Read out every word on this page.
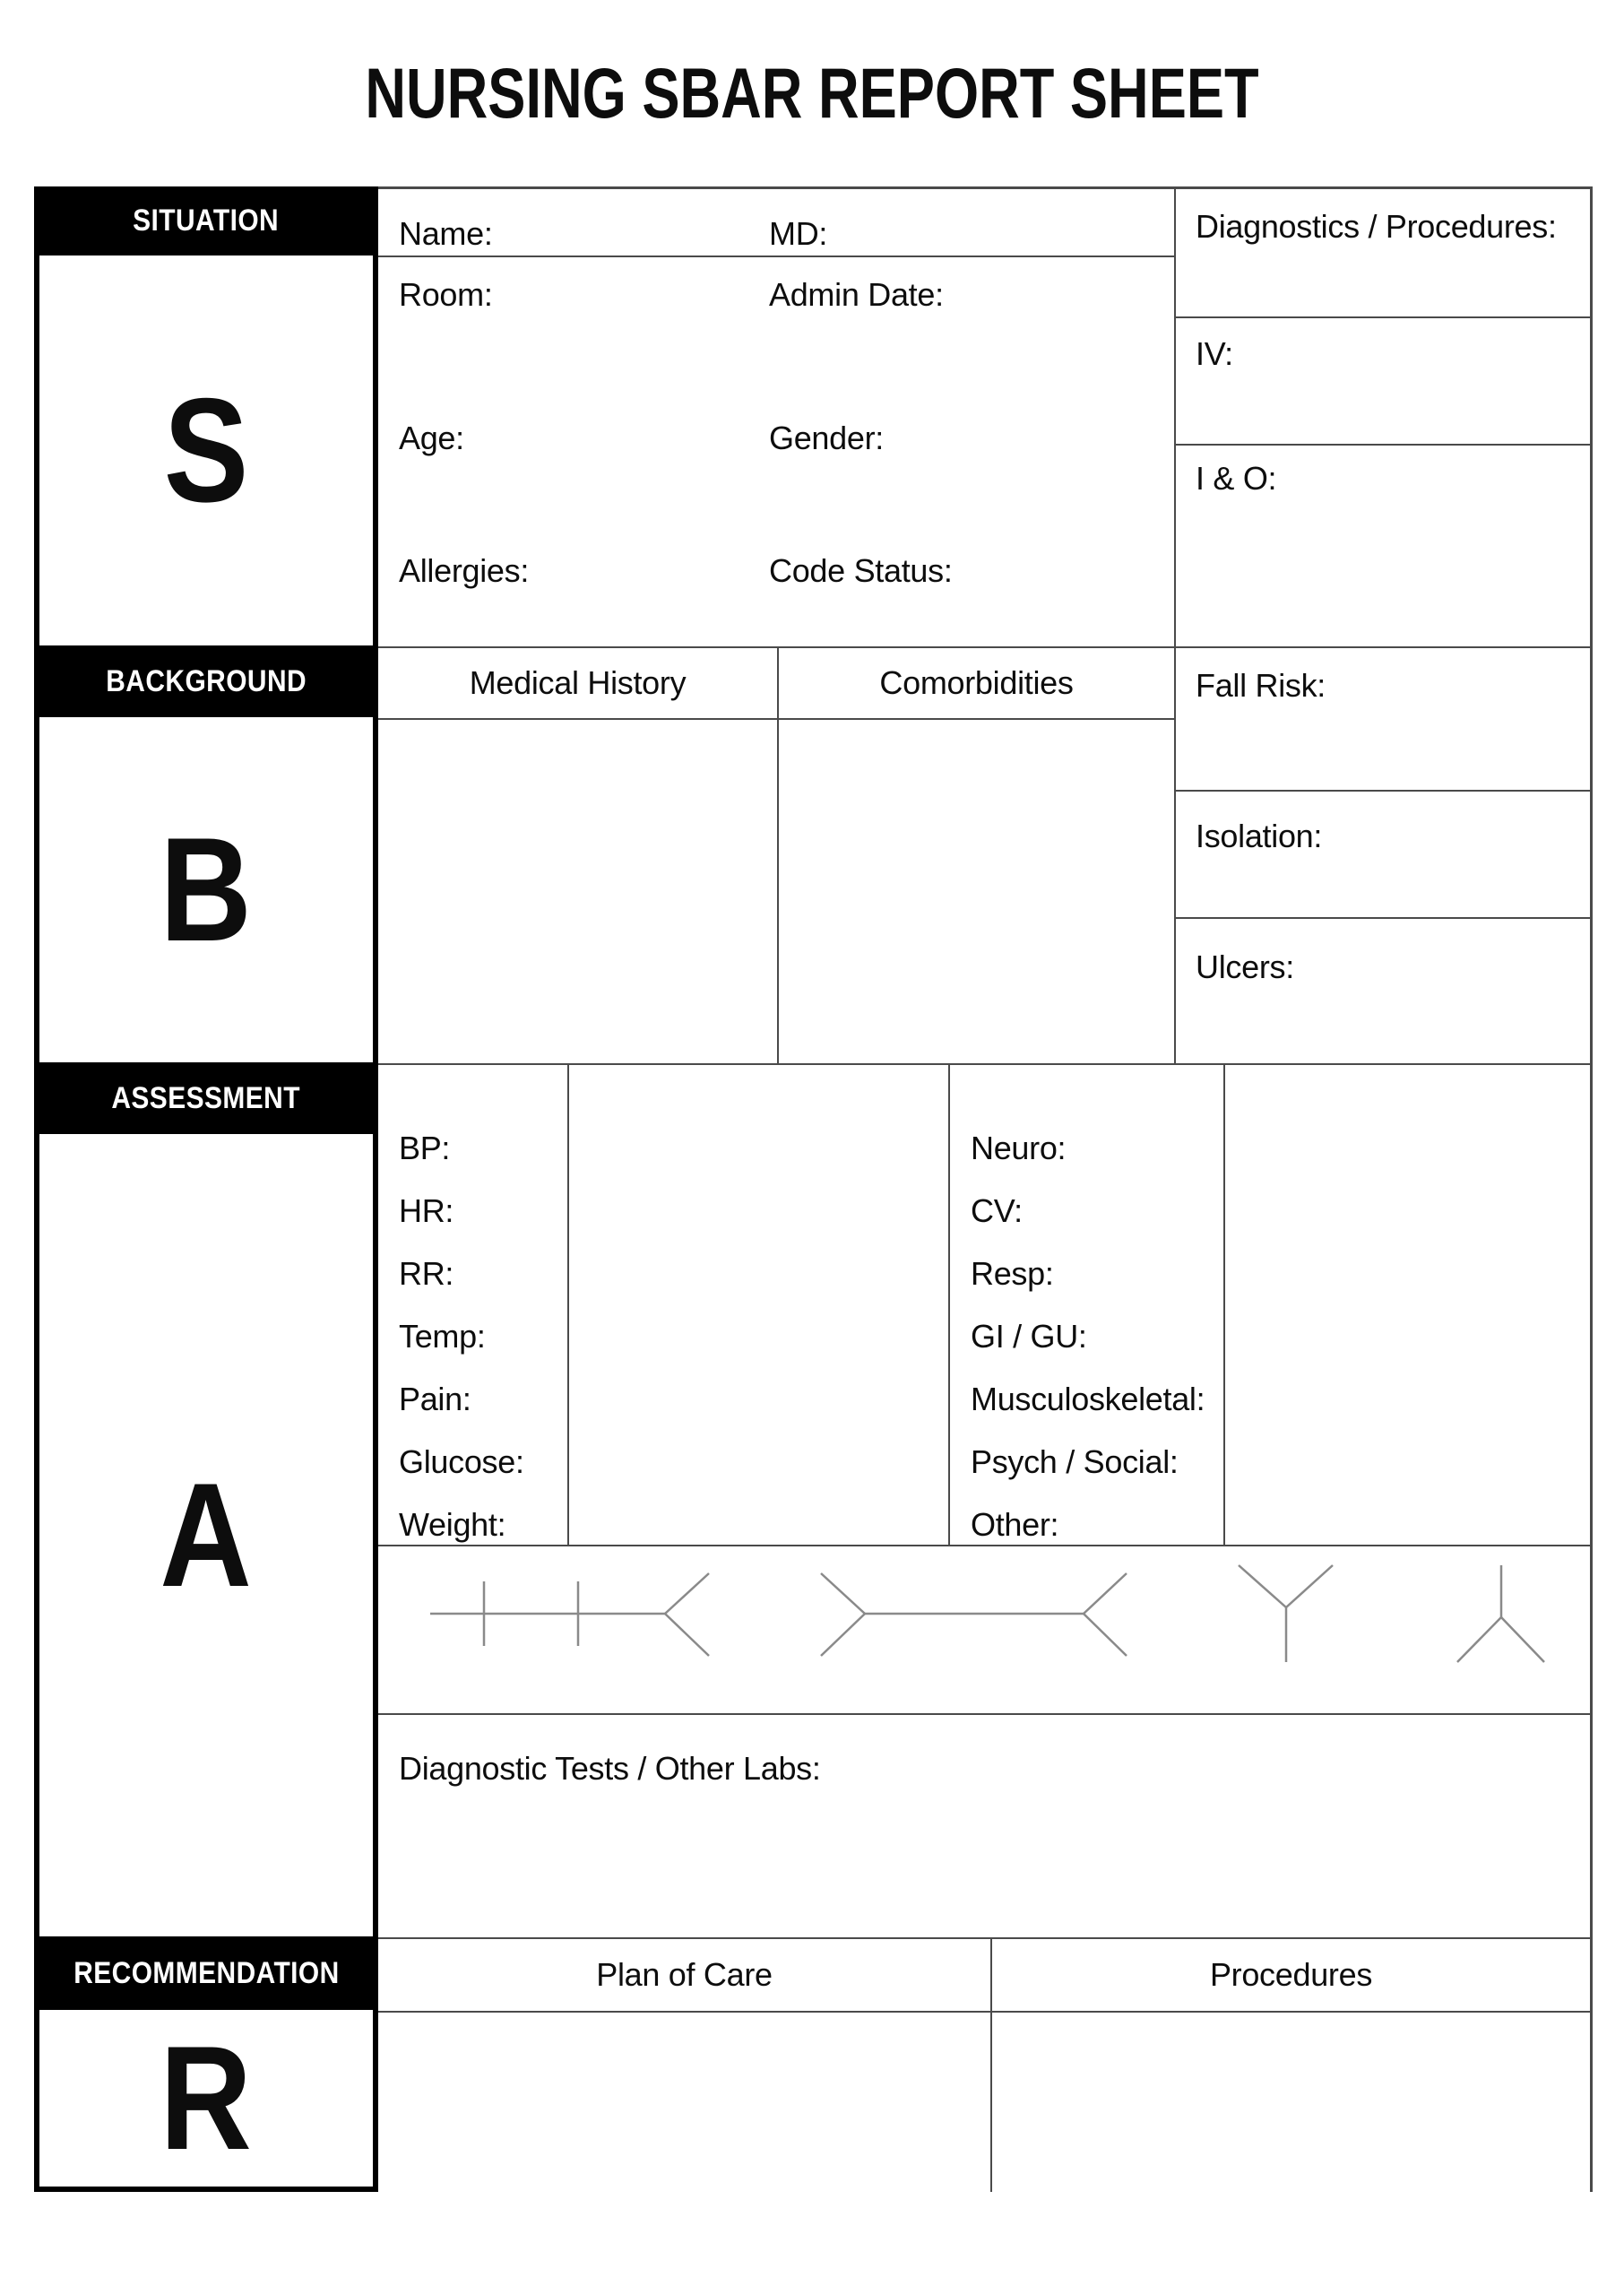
NURSING SBAR REPORT SHEET
SITUATION
S
BACKGROUND
B
ASSESSMENT
A
RECOMMENDATION
R
Name:	MD:
Room:	Admin Date:
Age:	Gender:
Allergies:	Code Status:
Diagnostics / Procedures:
IV:
I & O:
Medical History	Comorbidities	Fall Risk:
Isolation:
Ulcers:
BP:
HR:
RR:
Temp:
Pain:
Glucose:
Weight:
Neuro:
CV:
Resp:
GI / GU:
Musculoskeletal:
Psych / Social:
Other:
Diagnostic Tests / Other Labs:
Plan of Care	Procedures
